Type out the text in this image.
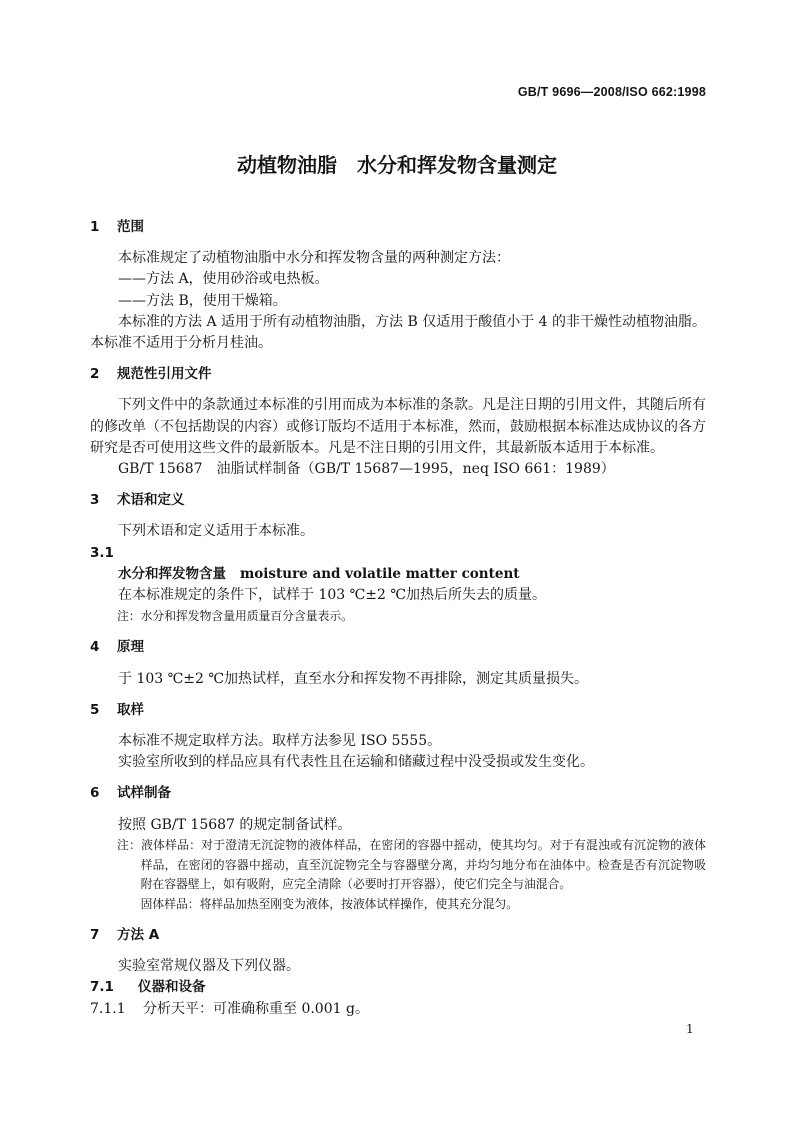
GB/T 9696—2008/ISO 662:1998
动植物油脂　水分和挥发物含量测定
1 范围

本标准规定了动植物油脂中水分和挥发物含量的两种测定方法：

——方法 A，使用砂浴或电热板。

——方法 B，使用干燥箱。

本标准的方法 A 适用于所有动植物油脂，方法 B 仅适用于酸值小于 4 的非干燥性动植物油脂。本标准不适用于分析月桂油。

2 规范性引用文件

下列文件中的条款通过本标准的引用而成为本标准的条款。凡是注日期的引用文件，其随后所有的修改单（不包括勘误的内容）或修订版均不适用于本标准，然而，鼓励根据本标准达成协议的各方研究是否可使用这些文件的最新版本。凡是不注日期的引用文件，其最新版本适用于本标准。

GB/T 15687 油脂试样制备（GB/T 15687—1995，neq ISO 661：1989）

3 术语和定义

下列术语和定义适用于本标准。

3.1

水分和挥发物含量 moisture and volatile matter content

在本标准规定的条件下，试样于 103 ℃±2 ℃加热后所失去的质量。

注：水分和挥发物含量用质量百分含量表示。

4 原理

于 103 ℃±2 ℃加热试样，直至水分和挥发物不再排除，测定其质量损失。

5 取样

本标准不规定取样方法。取样方法参见 ISO 5555。

实验室所收到的样品应具有代表性且在运输和储藏过程中没受损或发生变化。

6 试样制备

按照 GB/T 15687 的规定制备试样。

注：液体样品：对于澄清无沉淀物的液体样品，在密闭的容器中摇动，使其均匀。对于有混浊或有沉淀物的液体样品，在密闭的容器中摇动，直至沉淀物完全与容器壁分离，并均匀地分布在油体中。检查是否有沉淀物吸附在容器壁上，如有吸附，应完全清除（必要时打开容器），使它们完全与油混合。

固体样品：将样品加热至刚变为液体，按液体试样操作，使其充分混匀。

7 方法 A

实验室常规仪器及下列仪器。

7.1 仪器和设备
7.1.1 分析天平：可准确称重至 0.001 g。
1
